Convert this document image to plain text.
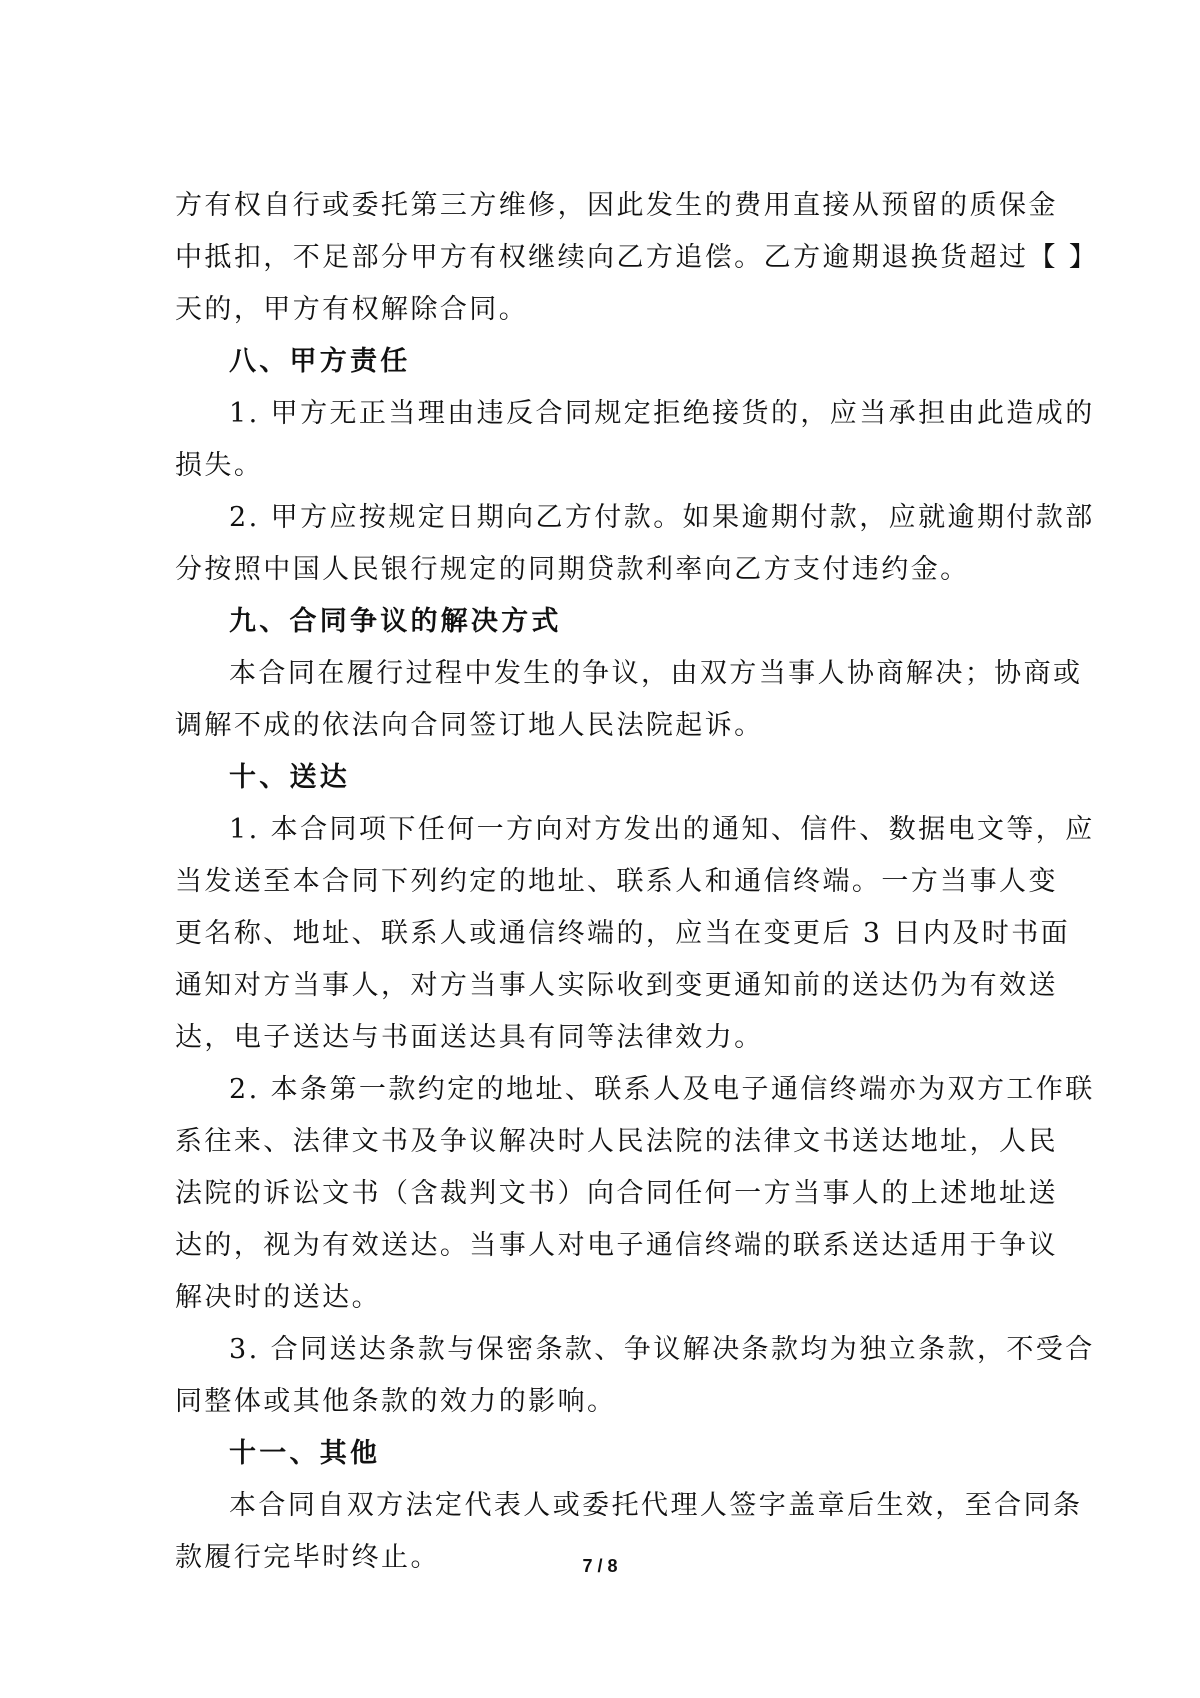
方有权自行或委托第三方维修，因此发生的费用直接从预留的质保金
中抵扣，不足部分甲方有权继续向乙方追偿。乙方逾期退换货超过【 】
天的，甲方有权解除合同。
八、甲方责任
1. 甲方无正当理由违反合同规定拒绝接货的，应当承担由此造成的
损失。
2. 甲方应按规定日期向乙方付款。如果逾期付款，应就逾期付款部
分按照中国人民银行规定的同期贷款利率向乙方支付违约金。
九、合同争议的解决方式
本合同在履行过程中发生的争议，由双方当事人协商解决；协商或
调解不成的依法向合同签订地人民法院起诉。
十、送达
1. 本合同项下任何一方向对方发出的通知、信件、数据电文等，应
当发送至本合同下列约定的地址、联系人和通信终端。一方当事人变
更名称、地址、联系人或通信终端的，应当在变更后 3 日内及时书面
通知对方当事人，对方当事人实际收到变更通知前的送达仍为有效送
达，电子送达与书面送达具有同等法律效力。
2. 本条第一款约定的地址、联系人及电子通信终端亦为双方工作联
系往来、法律文书及争议解决时人民法院的法律文书送达地址，人民
法院的诉讼文书（含裁判文书）向合同任何一方当事人的上述地址送
达的，视为有效送达。当事人对电子通信终端的联系送达适用于争议
解决时的送达。
3. 合同送达条款与保密条款、争议解决条款均为独立条款，不受合
同整体或其他条款的效力的影响。
十一、其他
本合同自双方法定代表人或委托代理人签字盖章后生效，至合同条
款履行完毕时终止。	7 / 8
